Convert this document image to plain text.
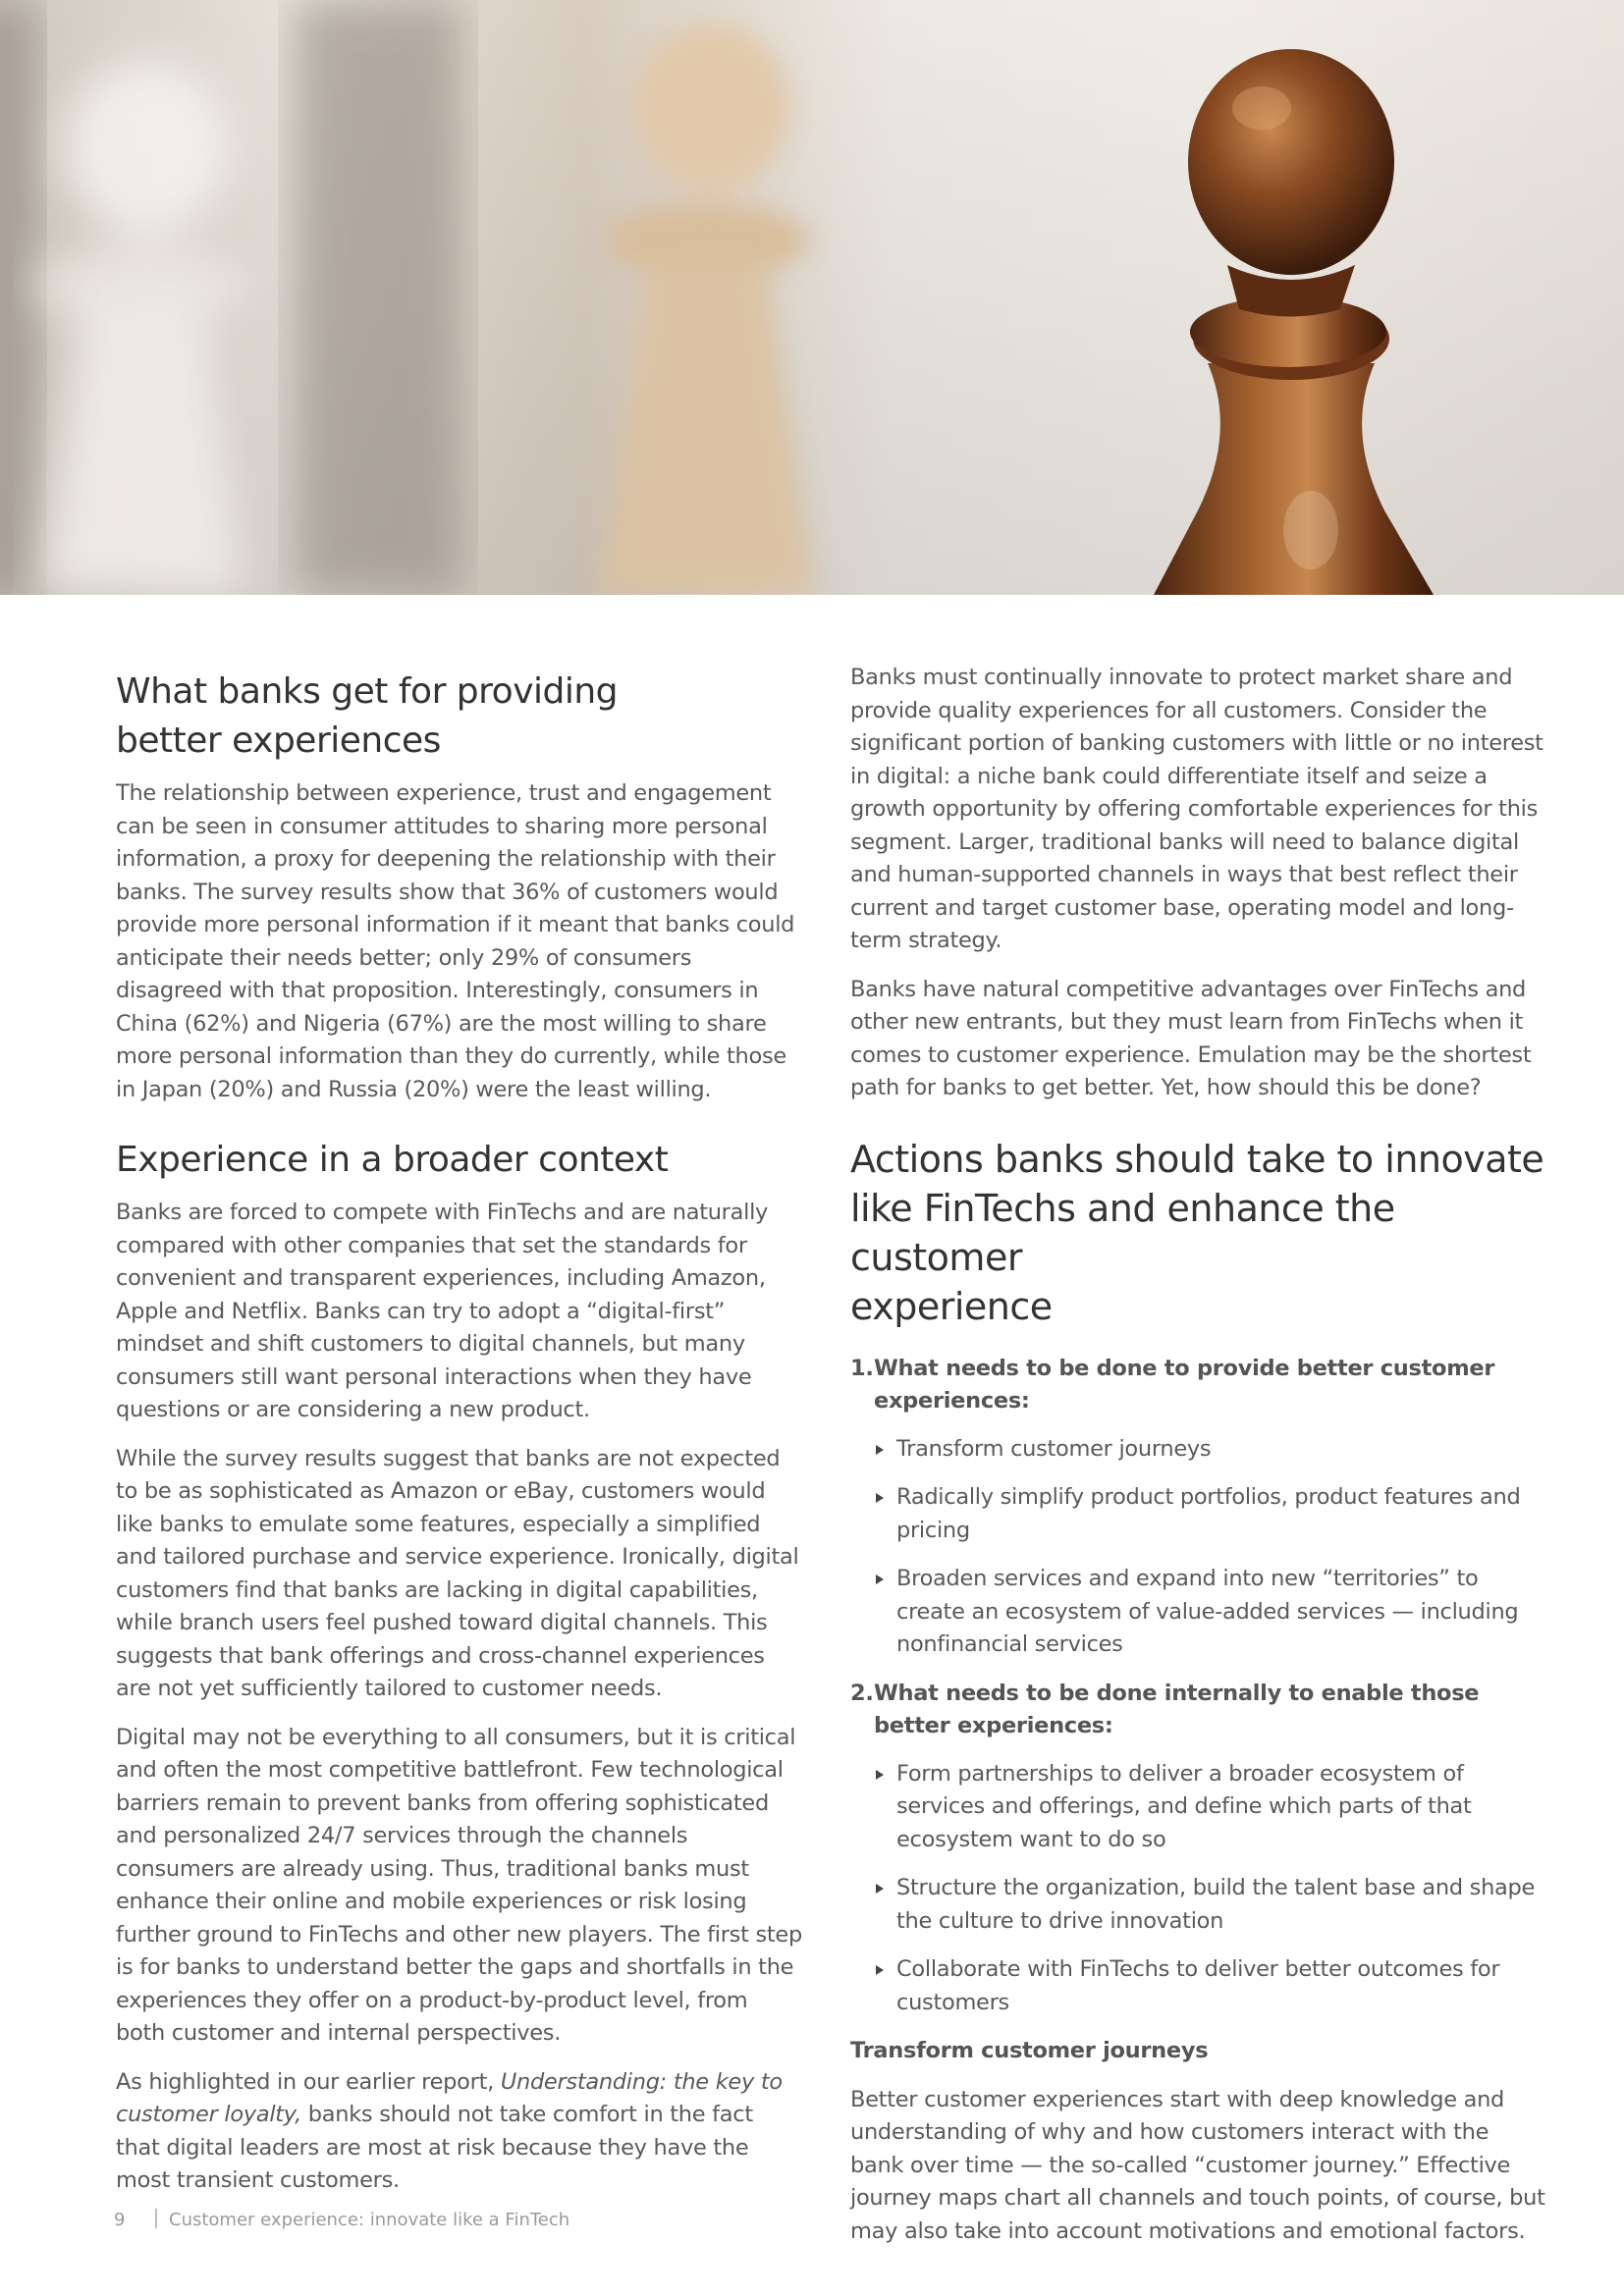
What banks get for providing
better experiences

The relationship between experience, trust and engagement can be seen in consumer attitudes to sharing more personal information, a proxy for deepening the relationship with their banks. The survey results show that 36% of customers would provide more personal information if it meant that banks could anticipate their needs better; only 29% of consumers disagreed with that proposition. Interestingly, consumers in China (62%) and Nigeria (67%) are the most willing to share more personal information than they do currently, while those in Japan (20%) and Russia (20%) were the least willing.

Experience in a broader context

Banks are forced to compete with FinTechs and are naturally compared with other companies that set the standards for convenient and transparent experiences, including Amazon, Apple and Netflix. Banks can try to adopt a “digital-first” mindset and shift customers to digital channels, but many consumers still want personal interactions when they have questions or are considering a new product.

While the survey results suggest that banks are not expected to be as sophisticated as Amazon or eBay, customers would like banks to emulate some features, especially a simplified and tailored purchase and service experience. Ironically, digital customers find that banks are lacking in digital capabilities, while branch users feel pushed toward digital channels. This suggests that bank offerings and cross-channel experiences are not yet sufficiently tailored to customer needs.

Digital may not be everything to all consumers, but it is critical and often the most competitive battlefront. Few technological barriers remain to prevent banks from offering sophisticated and personalized 24/7 services through the channels consumers are already using. Thus, traditional banks must enhance their online and mobile experiences or risk losing further ground to FinTechs and other new players. The first step is for banks to understand better the gaps and shortfalls in the experiences they offer on a product-by-product level, from both customer and internal perspectives.

As highlighted in our earlier report, Understanding: the key to customer loyalty, banks should not take comfort in the fact that digital leaders are most at risk because they have the most transient customers.

Banks must continually innovate to protect market share and provide quality experiences for all customers. Consider the significant portion of banking customers with little or no interest in digital: a niche bank could differentiate itself and seize a growth opportunity by offering comfortable experiences for this segment. Larger, traditional banks will need to balance digital and human-supported channels in ways that best reflect their current and target customer base, operating model and long-term strategy.

Banks have natural competitive advantages over FinTechs and other new entrants, but they must learn from FinTechs when it comes to customer experience. Emulation may be the shortest path for banks to get better. Yet, how should this be done?

Actions banks should take to innovate
like FinTechs and enhance the customer
experience
1.What needs to be done to provide better customer
experiences:
Transform customer journeys
Radically simplify product portfolios, product features and pricing
Broaden services and expand into new “territories” to create an ecosystem of value-added services — including nonfinancial services
2.What needs to be done internally to enable those
better experiences:
Form partnerships to deliver a broader ecosystem of services and offerings, and define which parts of that ecosystem want to do so
Structure the organization, build the talent base and shape the culture to drive innovation
Collaborate with FinTechs to deliver better outcomes for customers
Transform customer journeys

Better customer experiences start with deep knowledge and understanding of why and how customers interact with the bank over time — the so-called “customer journey.” Effective journey maps chart all channels and touch points, of course, but may also take into account motivations and emotional factors.

9 Customer experience: innovate like a FinTech
